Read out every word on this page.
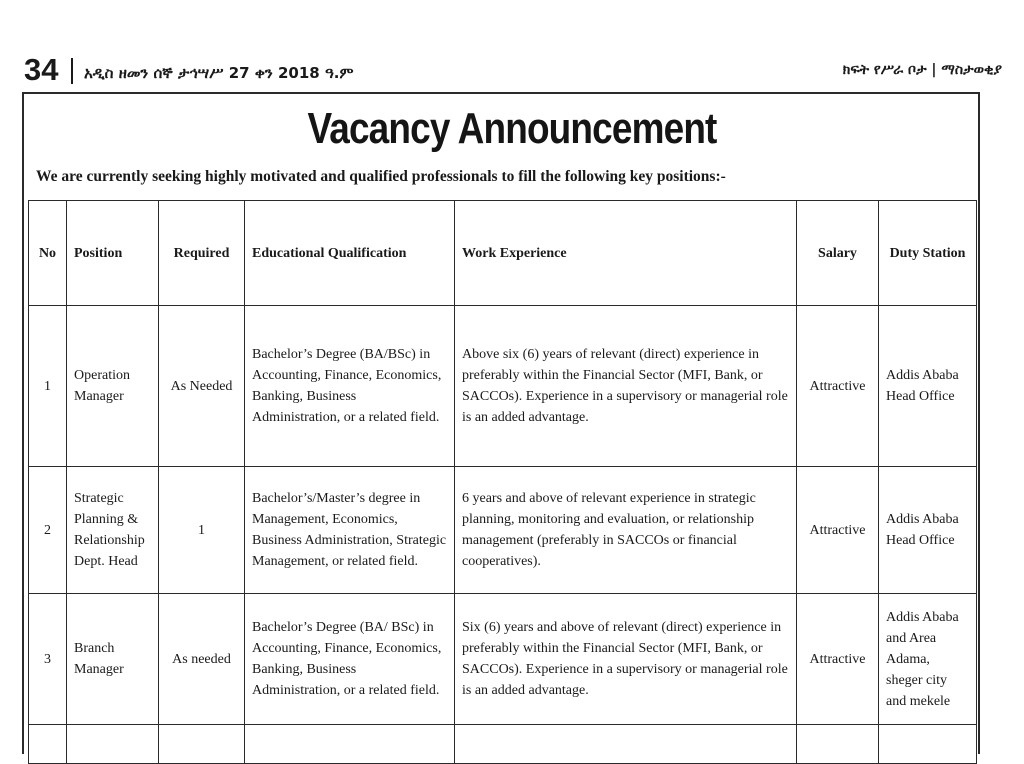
34 አዲስ ዘመን ሰኞ ታኅሣሥ 27 ቀን 2018 ዓ.ም	ክፍት የሥራ ቦታ | ማስታወቂያ
Vacancy Announcement
We are currently seeking highly motivated and qualified professionals to fill the following key positions:-
No	Position	Required	Educational Qualification	Work Experience	Salary	Duty Station
1	Operation Manager	As Needed	Bachelor’s Degree (BA/BSc) in Accounting, Finance, Economics, Banking, Business Administration, or a related field.	Above six (6) years of relevant (direct) experience in preferably within the Financial Sector (MFI, Bank, or SACCOs). Experience in a supervisory or managerial role is an added advantage.	Attractive	Addis Ababa Head Office
2	Strategic Planning & Relationship Dept. Head	1	Bachelor’s/Master’s degree in Management, Economics, Business Administration, Strategic Management, or related field.	6 years and above of relevant experience in strategic planning, monitoring and evaluation, or relationship management (preferably in SACCOs or financial cooperatives).	Attractive	Addis Ababa Head Office
3	Branch Manager	As needed	Bachelor’s Degree (BA/ BSc) in Accounting, Finance, Economics, Banking, Business Administration, or a related field.	Six (6) years and above of relevant (direct) experience in preferably within the Financial Sector (MFI, Bank, or SACCOs). Experience in a supervisory or managerial role is an added advantage.	Attractive	Addis Ababa and Area Adama, sheger city and mekele
